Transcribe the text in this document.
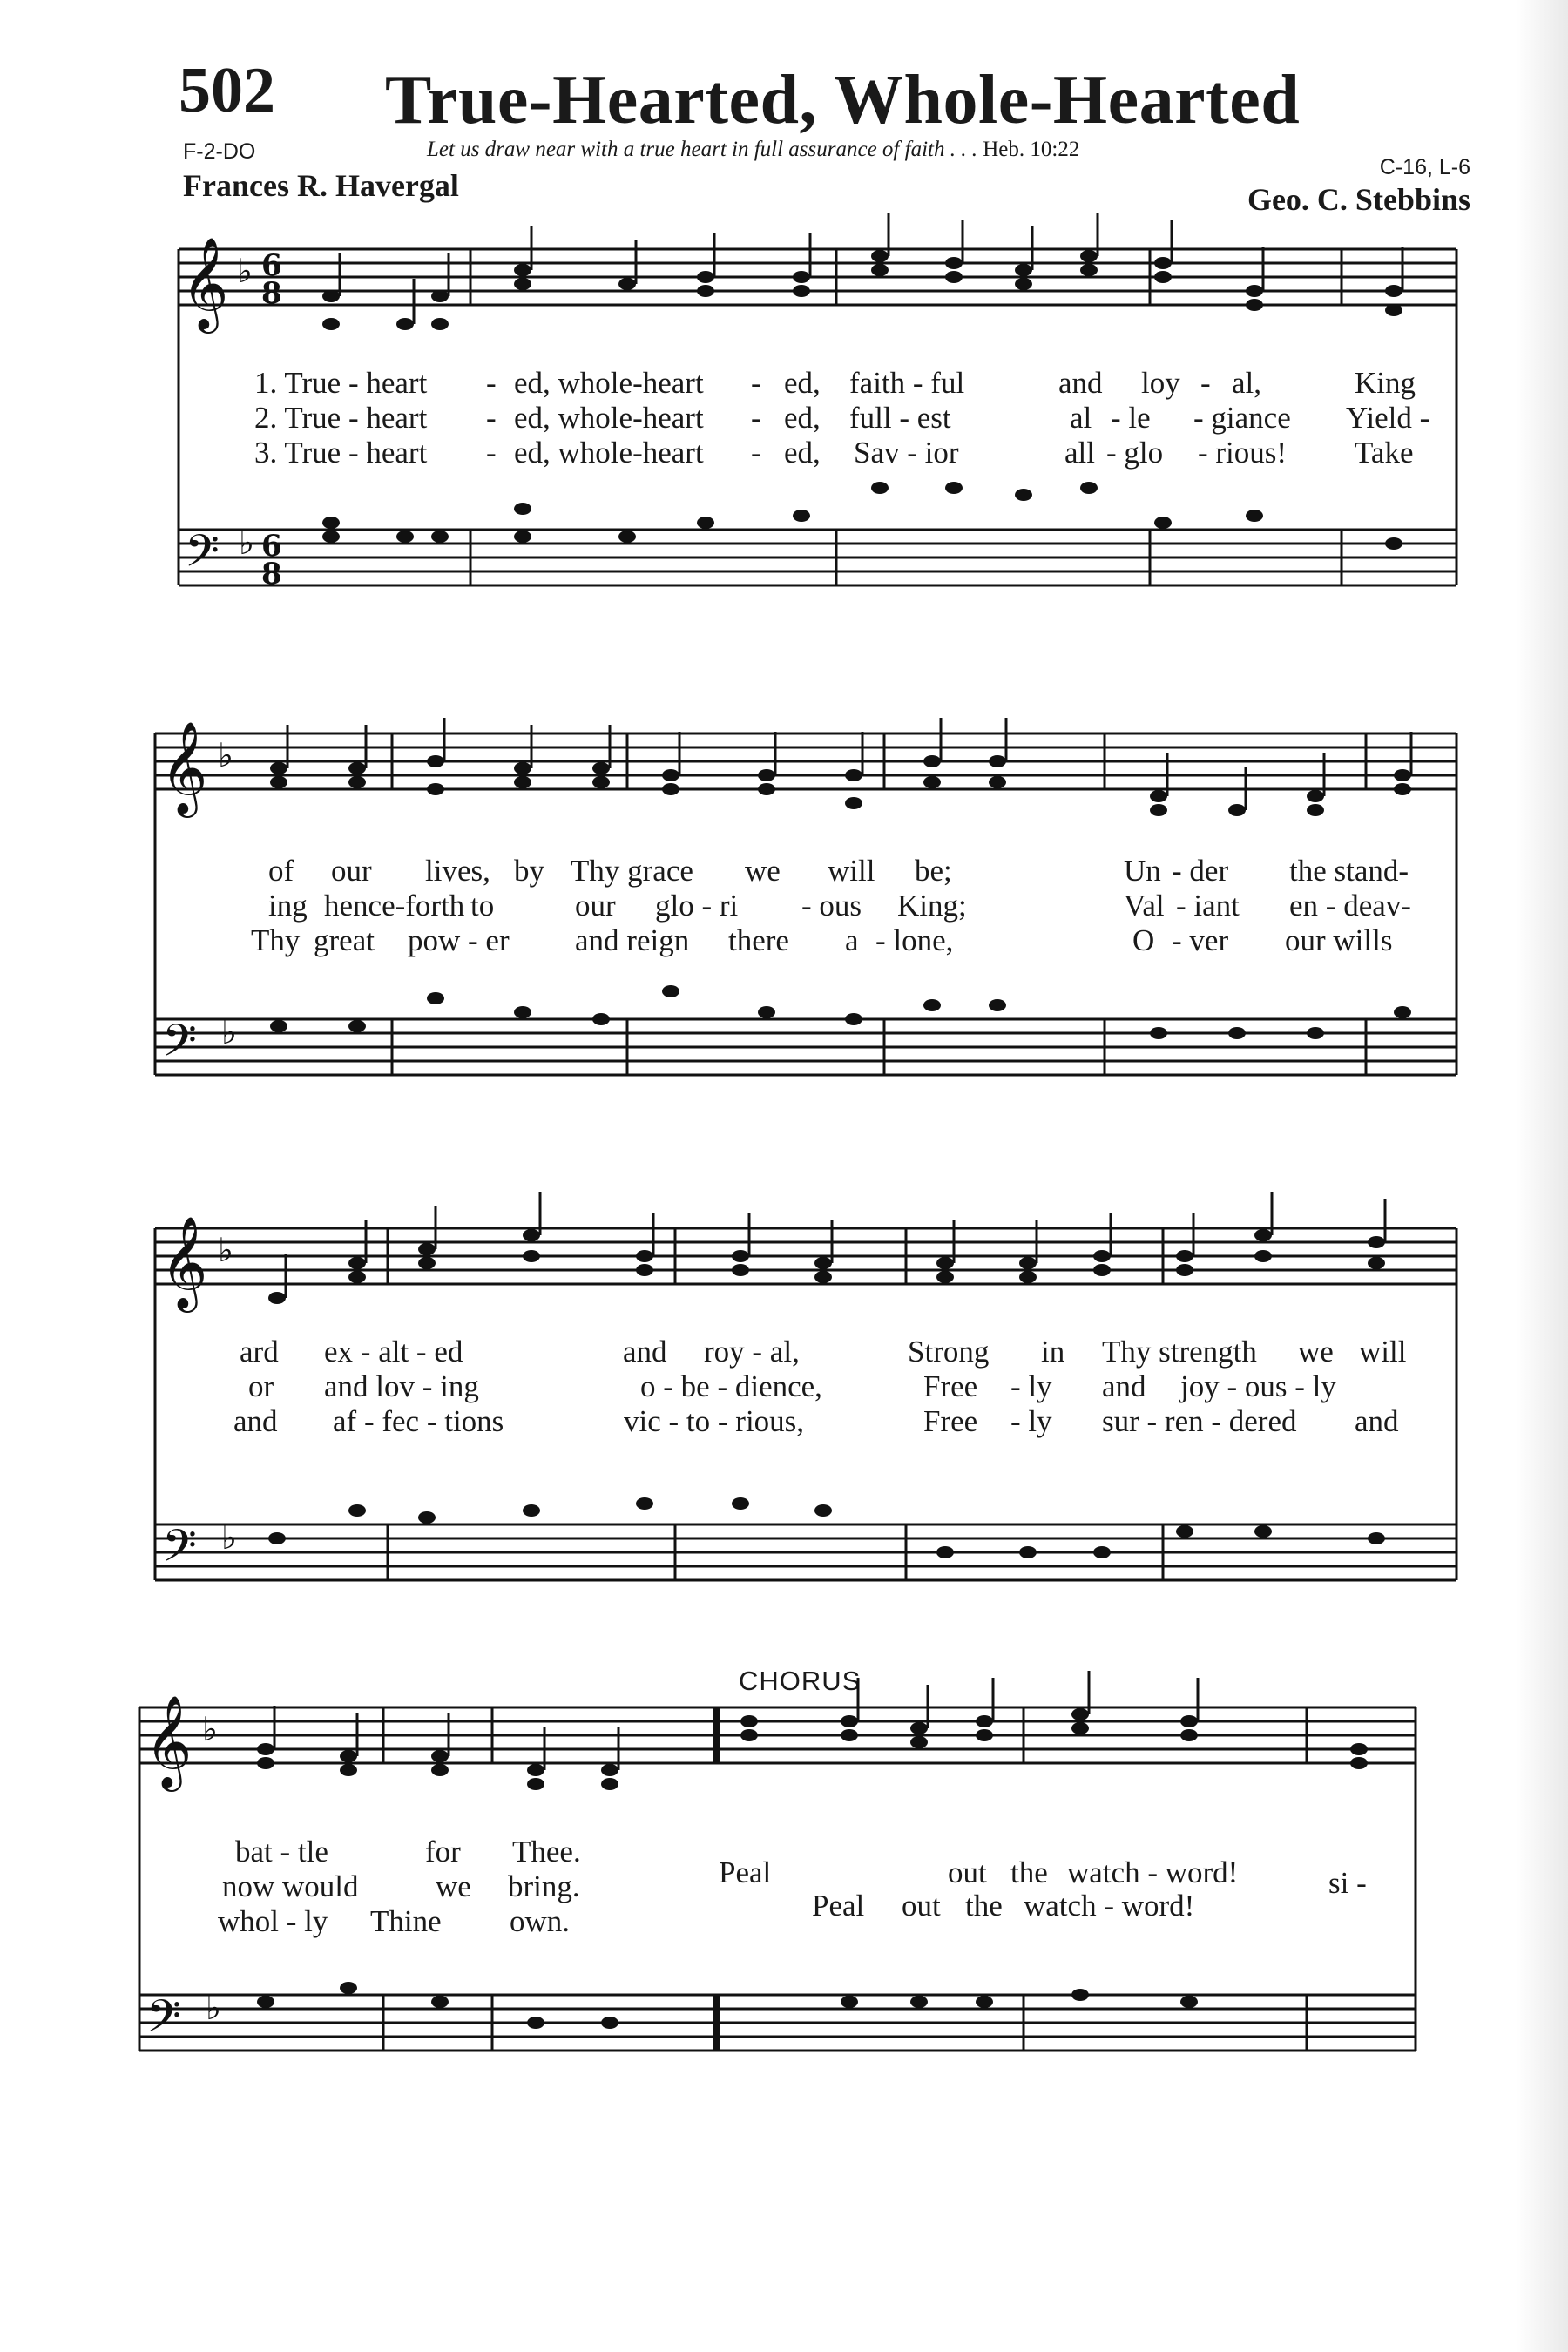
502 True-Hearted, Whole-Hearted
F-2-DO	Let us draw near with a true heart in full assurance of faith . . . Heb. 10:22
C-16, L-6
Frances R. Havergal	Geo. C. Stebbins
𝄞
𝄢
♭
♭
6
8
6
8
1. True - heart - ed, whole-heart - ed, faith - ful	and loy - al,	King
2. True - heart - ed, whole-heart - ed, full - est	al - le - giance Yield -
3. True - heart - ed, whole-heart - ed, Sav - ior	all - glo - rious! Take
𝄞
𝄢
♭
♭
of our lives, by Thy grace we will be;	Un - der the stand-
ing hence-forth to	our glo - ri - ous King;	Val - iant en - deav-
Thy great pow - er and reign there a - lone,	O - ver our wills
𝄞
𝄢
♭
♭
ard ex - alt - ed	and roy - al,	Strong in Thy strength we will
or and lov - ing	o - be - dience,	Free - ly and joy - ous - ly
and af - fec - tions	vic - to - rious,	Free - ly sur - ren - dered and
CHORUS
𝄞
𝄢
♭
♭
bat - tle	for Thee.
Peal	out the watch - word!	si -
now would	we bring.
Peal out the watch - word!
whol - ly Thine own.
